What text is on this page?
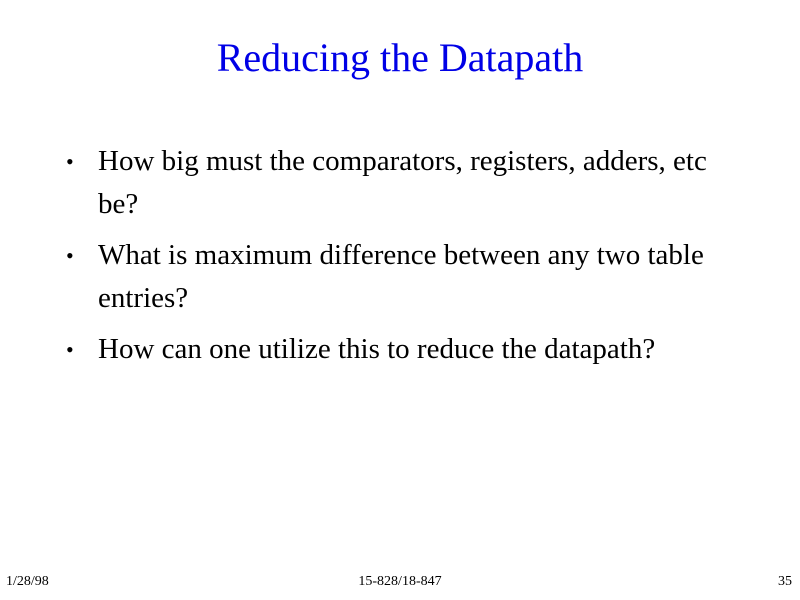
Reducing the Datapath
• How big must the comparators, registers, adders, etc be?
• What is maximum difference between any two table entries?
• How can one utilize this to reduce the datapath?
1/28/98	15-828/18-847	35
